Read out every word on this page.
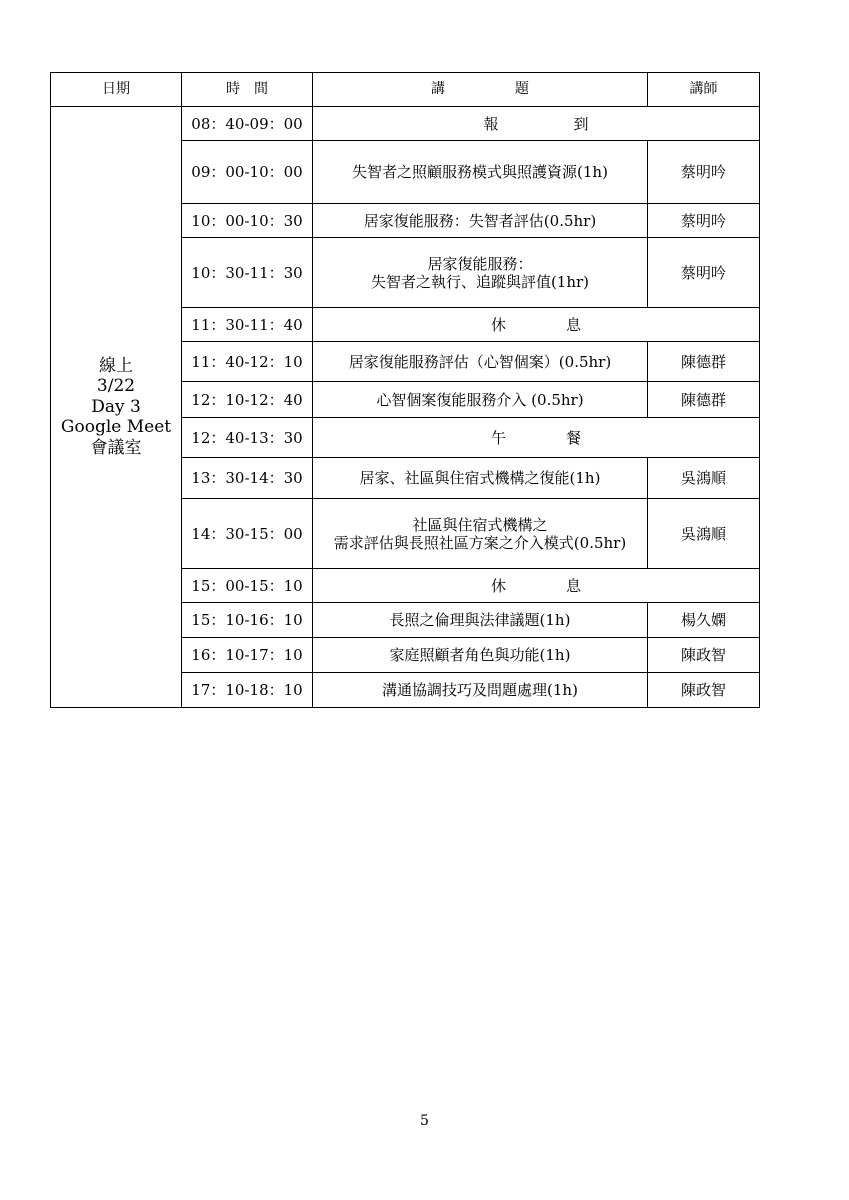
日期	時　間	講　　　　　題	講師

線上
3/22
Day 3
Google Meet
會議室	08：40-09：00	報　　　　　到	
	09：00-10：00	失智者之照顧服務模式與照護資源(1h)	蔡明吟
	10：00-10：30	居家復能服務：失智者評估(0.5hr)	蔡明吟
	10：30-11：30	居家復能服務：
失智者之執行、追蹤與評值(1hr)	蔡明吟
	11：30-11：40	休　　　　息	
	11：40-12：10	居家復能服務評估（心智個案）(0.5hr)	陳德群
	12：10-12：40	心智個案復能服務介入 (0.5hr)	陳德群
	12：40-13：30	午　　　　餐	
	13：30-14：30	居家、社區與住宿式機構之復能(1h)	吳鴻順
	14：30-15：00	社區與住宿式機構之
需求評估與長照社區方案之介入模式(0.5hr)	吳鴻順
	15：00-15：10	休　　　　息	
	15：10-16：10	長照之倫理與法律議題(1h)	楊久嫻
	16：10-17：10	家庭照顧者角色與功能(1h)	陳政智
	17：10-18：10	溝通協調技巧及問題處理(1h)	陳政智
5
